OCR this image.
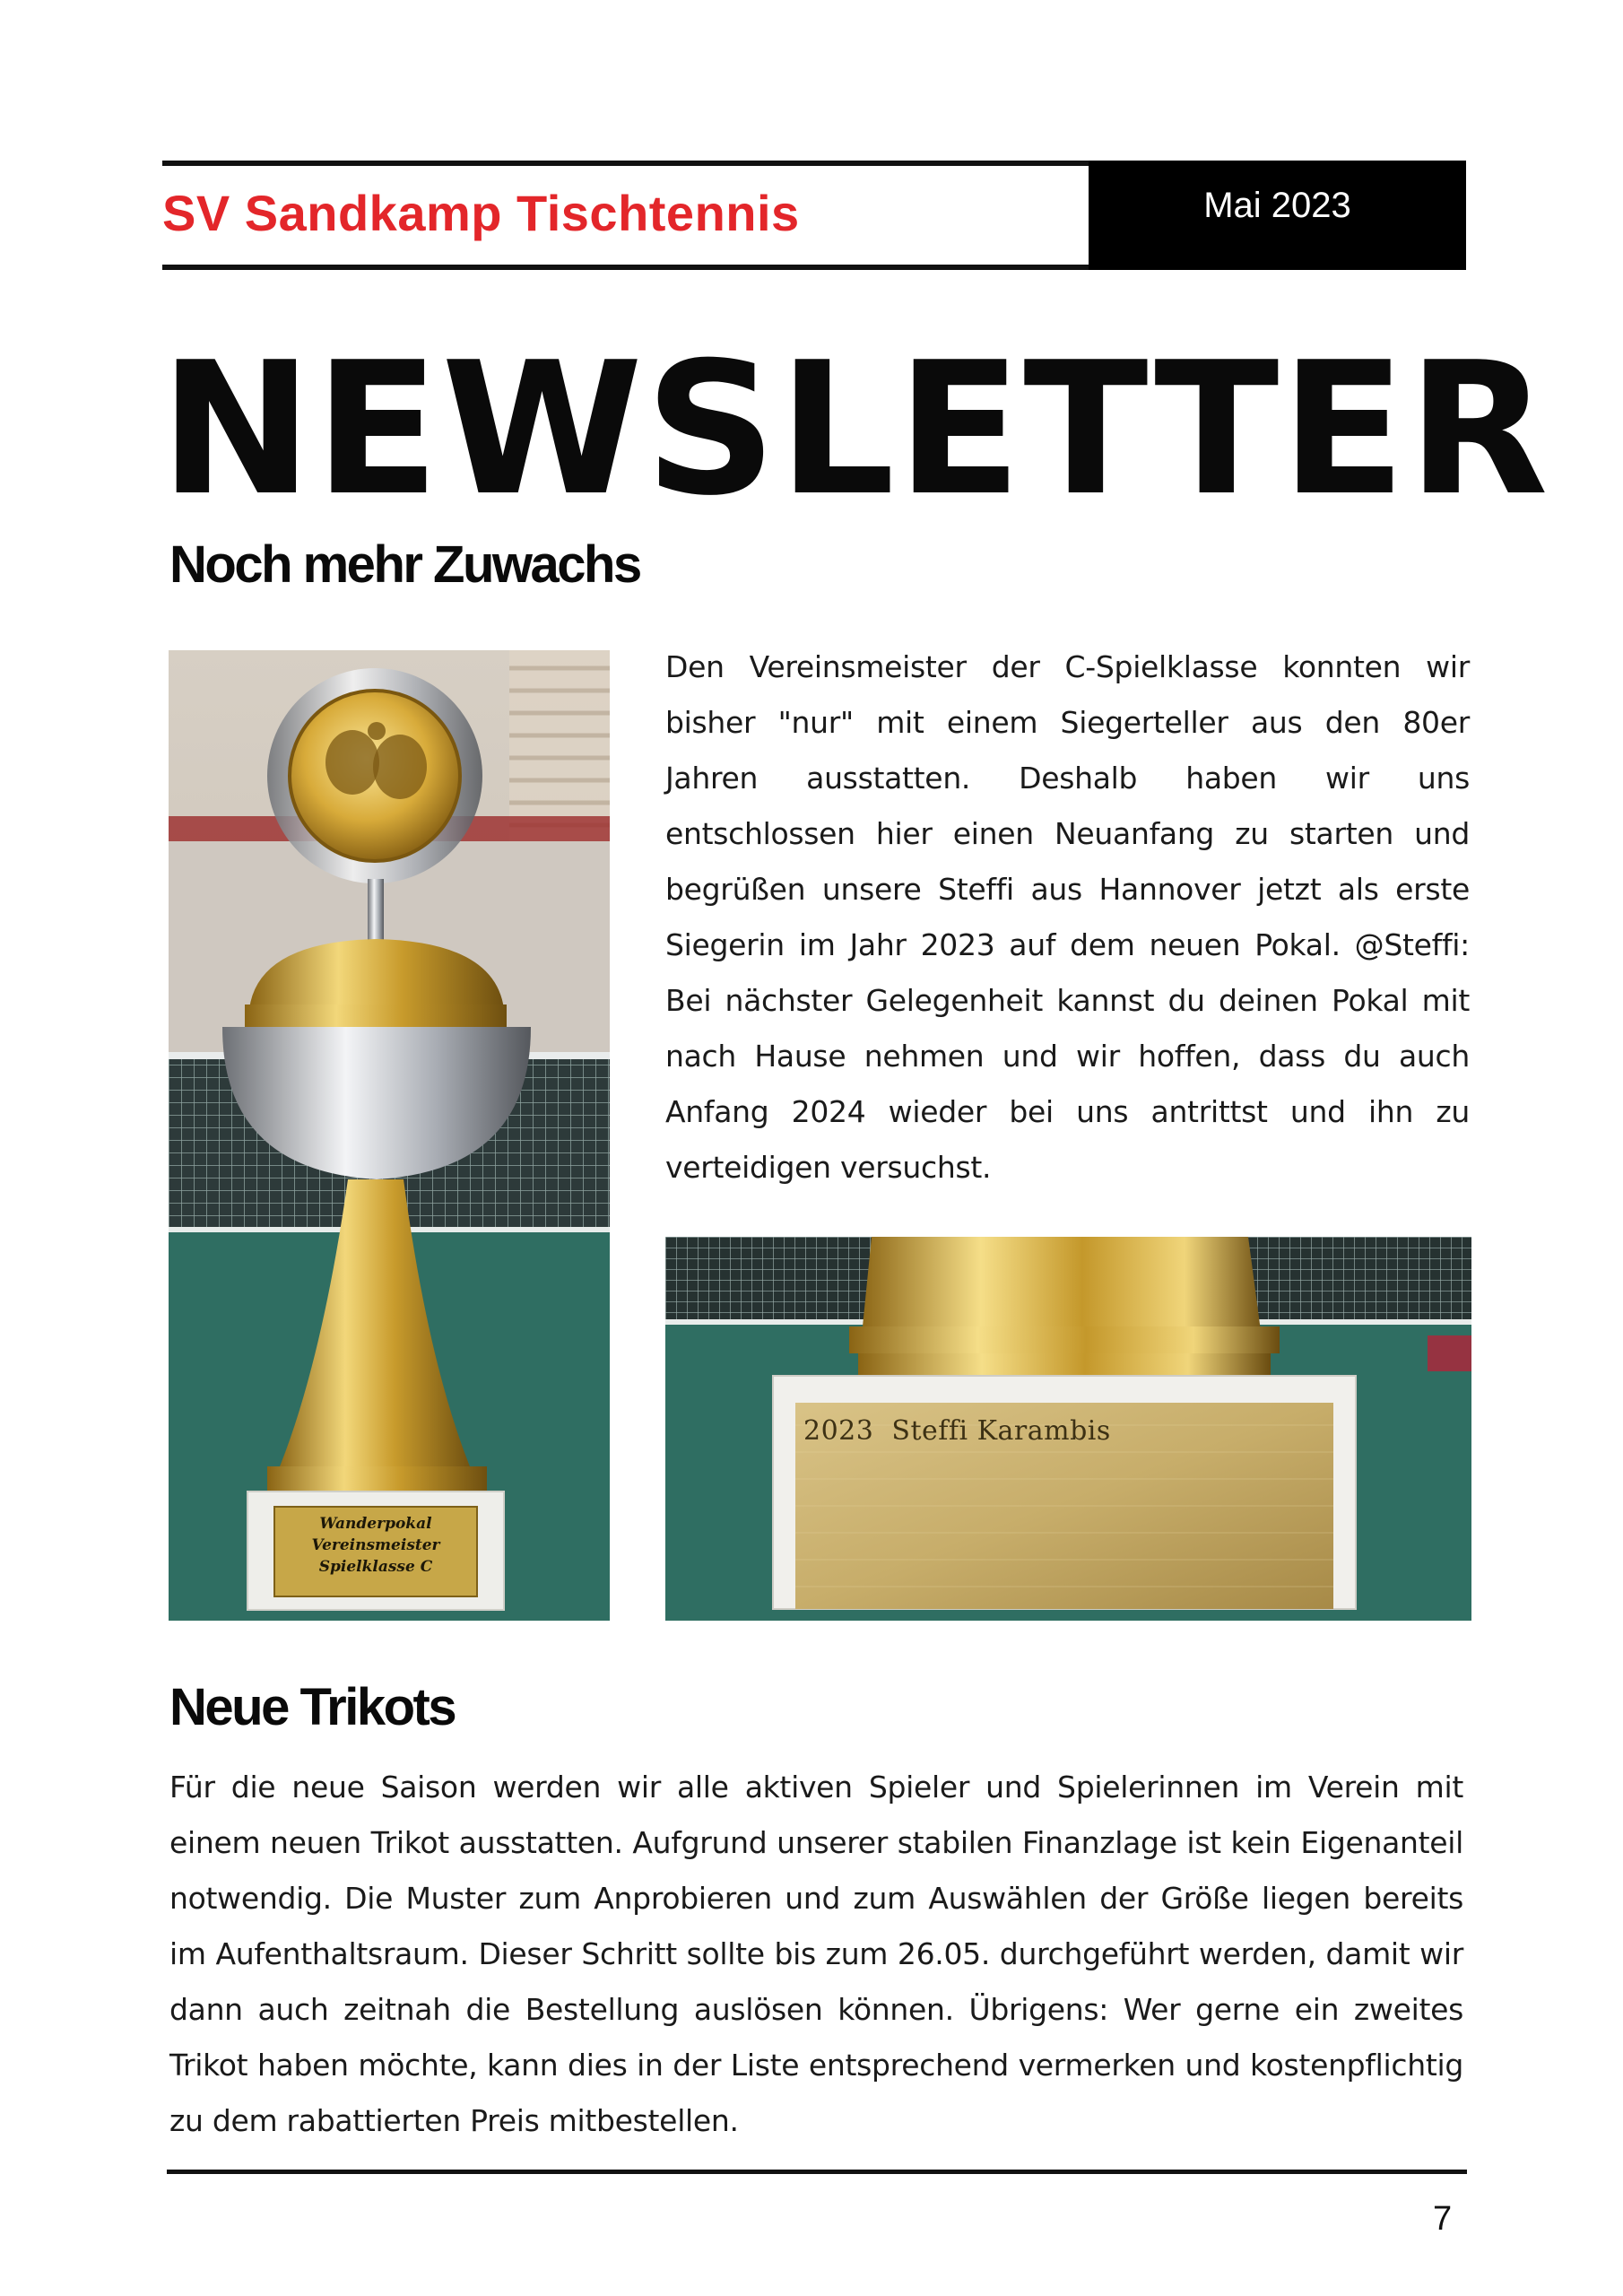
SV Sandkamp Tischtennis	Mai 2023
NEWSLETTER
Noch mehr Zuwachs
Wanderpokal
Vereinsmeister
Spielklasse C
Den Vereinsmeister der C-Spielklasse konnten wir bisher "nur" mit einem Siegerteller aus den 80er Jahren ausstatten. Deshalb haben wir uns entschlossen hier einen Neuanfang zu starten und begrüßen unsere Steffi aus Hannover jetzt als erste Siegerin im Jahr 2023 auf dem neuen Pokal. @Steffi: Bei nächster Gelegenheit kannst du deinen Pokal mit nach Hause nehmen und wir hoffen, dass du auch Anfang 2024 wieder bei uns antrittst und ihn zu verteidigen versuchst.
2023  Steffi Karambis
Neue Trikots
Für die neue Saison werden wir alle aktiven Spieler und Spielerinnen im Verein mit einem neuen Trikot ausstatten. Aufgrund unserer stabilen Finanzlage ist kein Eigenanteil notwendig. Die Muster zum Anprobieren und zum Auswählen der Größe liegen bereits im Aufenthaltsraum. Dieser Schritt sollte bis zum 26.05. durchgeführt werden, damit wir dann auch zeitnah die Bestellung auslösen können. Übrigens: Wer gerne ein zweites Trikot haben möchte, kann dies in der Liste entsprechend vermerken und kostenpflichtig zu dem rabattierten Preis mitbestellen.
7
